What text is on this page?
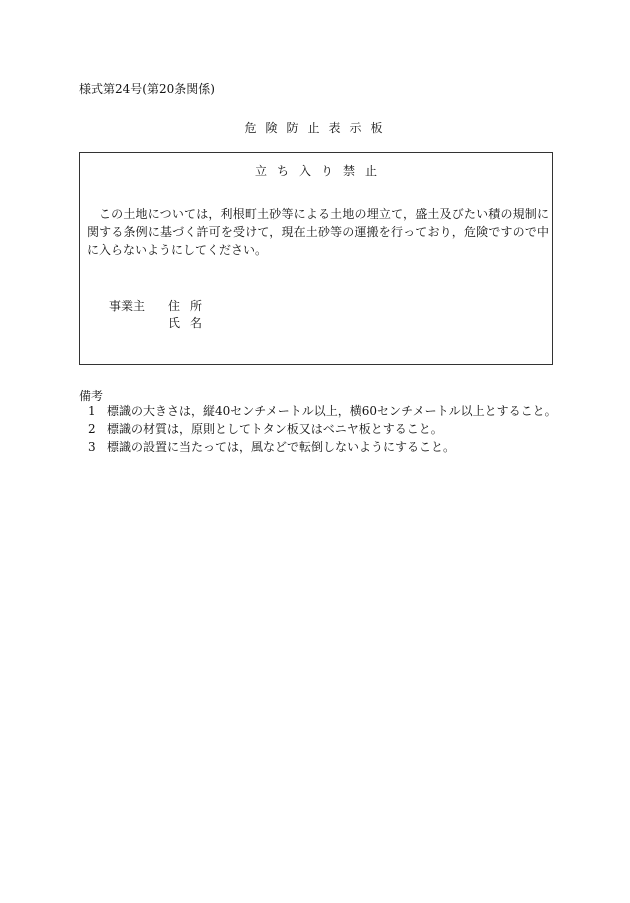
様式第24号(第20条関係)
危険防止表示板
立ち入り禁止
この土地については，利根町土砂等による土地の埋立て，盛土及びたい積の規制に関する条例に基づく許可を受けて，現在土砂等の運搬を行っており，危険ですので中に入らないようにしてください。
事業主 住所
氏名
備考
1 標識の大きさは，縦40センチメートル以上，横60センチメートル以上とすること。
2 標識の材質は，原則としてトタン板又はベニヤ板とすること。
3 標識の設置に当たっては，風などで転倒しないようにすること。
